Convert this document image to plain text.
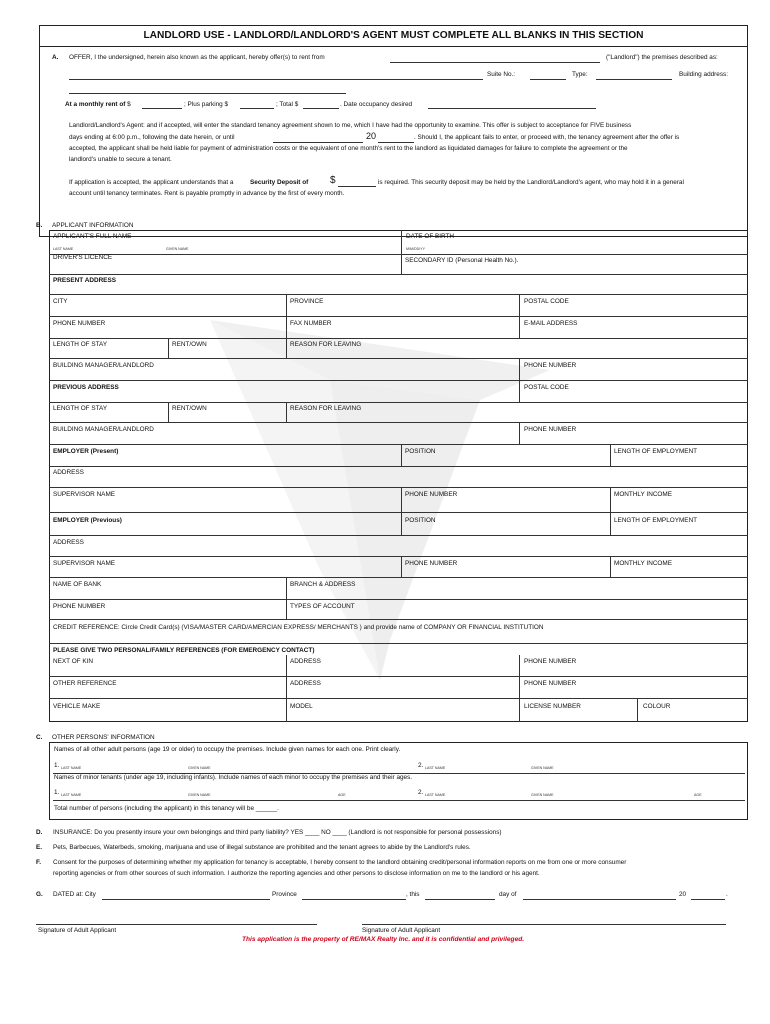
LANDLORD USE - LANDLORD/LANDLORD'S AGENT MUST COMPLETE ALL BLANKS IN THIS SECTION
A. OFFER, I the undersigned, herein also known as the applicant, hereby offer(s) to rent from	("Landlord") the premises described as:
Suite No.:	Type:	Building address:
At a monthly rent of $	; Plus parking $	; Total $	. Date occupancy desired
Landlord/Landlord's Agent: and if accepted, will enter the standard tenancy agreement shown to me, which I have had the opportunity to examine. This offer is subject to acceptance for FIVE business
days ending at 6:00 p.m., following the date herein, or until	20	. Should I, the applicant fails to enter, or proceed with, the tenancy agreement after the offer is
accepted, the applicant shall be held liable for payment of administration costs or the equivalent of one month's rent to the landlord as liquidated damages for failure to complete the agreement or the
landlord's unable to secure a tenant.
If application is accepted, the applicant understands that a	Security Deposit of $	is required. This security deposit may be held by the Landlord/Landlord's agent, who may hold it in a general
account until tenancy terminates. Rent is payable promptly in advance by the first of every month.
B. APPLICANT INFORMATION
APPLICANT'S FULL NAME
LAST NAME	GIVEN NAME
DATE OF BIRTH
M/M/DD/YY
DRIVER'S LICENCE	SECONDARY ID (Personal Health No.).
PRESENT ADDRESS
CITY	PROVINCE	POSTAL CODE
PHONE NUMBER	FAX NUMBER	E-MAIL ADDRESS
LENGTH OF STAY	RENT/OWN	REASON FOR LEAVING
BUILDING MANAGER/LANDLORD	PHONE NUMBER
PREVIOUS ADDRESS	POSTAL CODE
LENGTH OF STAY	RENT/OWN	REASON FOR LEAVING
BUILDING MANAGER/LANDLORD	PHONE NUMBER
EMPLOYER (Present)	POSITION	LENGTH OF EMPLOYMENT
ADDRESS
SUPERVISOR NAME	PHONE NUMBER	MONTHLY INCOME
EMPLOYER (Previous)	POSITION	LENGTH OF EMPLOYMENT
ADDRESS
SUPERVISOR NAME	PHONE NUMBER	MONTHLY INCOME
NAME OF BANK	BRANCH & ADDRESS
PHONE NUMBER	TYPES OF ACCOUNT
CREDIT REFERENCE: Circle Credit Card(s) (VISA/MASTER CARD/AMERCIAN EXPRESS/ MERCHANTS ) and provide name of COMPANY OR FINANCIAL INSTITUTION
PLEASE GIVE TWO PERSONAL/FAMILY REFERENCES (FOR EMERGENCY CONTACT)
NEXT OF KIN	ADDRESS	PHONE NUMBER
OTHER REFERENCE	ADDRESS	PHONE NUMBER
VEHICLE MAKE	MODEL	LICENSE NUMBER	COLOUR
C. OTHER PERSONS' INFORMATION
Names of all other adult persons (age 19 or older) to occupy the premises. Include given names for each one. Print clearly.
1. LAST NAME	GIVEN NAME	2. LAST NAME	GIVEN NAME
Names of minor tenants (under age 19, including infants). Include names of each minor to occupy the premises and their ages.
1. LAST NAME	GIVEN NAME	AGE	2. LAST NAME	GIVEN NAME	AGE
Total number of persons (including the applicant) in this tenancy will be ______.
D. INSURANCE: Do you presently insure your own belongings and third party liability? YES ____ NO ____ (Landlord is not responsible for personal possessions)
E. Pets, Barbecues, Waterbeds, smoking, marijuana and use of illegal substance are prohibited and the tenant agrees to abide by the Landlord's rules.
F. Consent for the purposes of determining whether my application for tenancy is acceptable, I hereby consent to the landlord obtaining credit/personal information reports on me from one or more consumer
reporting agencies or from other sources of such information. I authorize the reporting agencies and other persons to disclose information on me to the landlord or his agent.
G. DATED at: City	Province	, this	day of	20	.
Signature of Adult Applicant	Signature of Adult Applicant
This application is the property of RE/MAX Realty Inc. and it is confidential and privileged.
